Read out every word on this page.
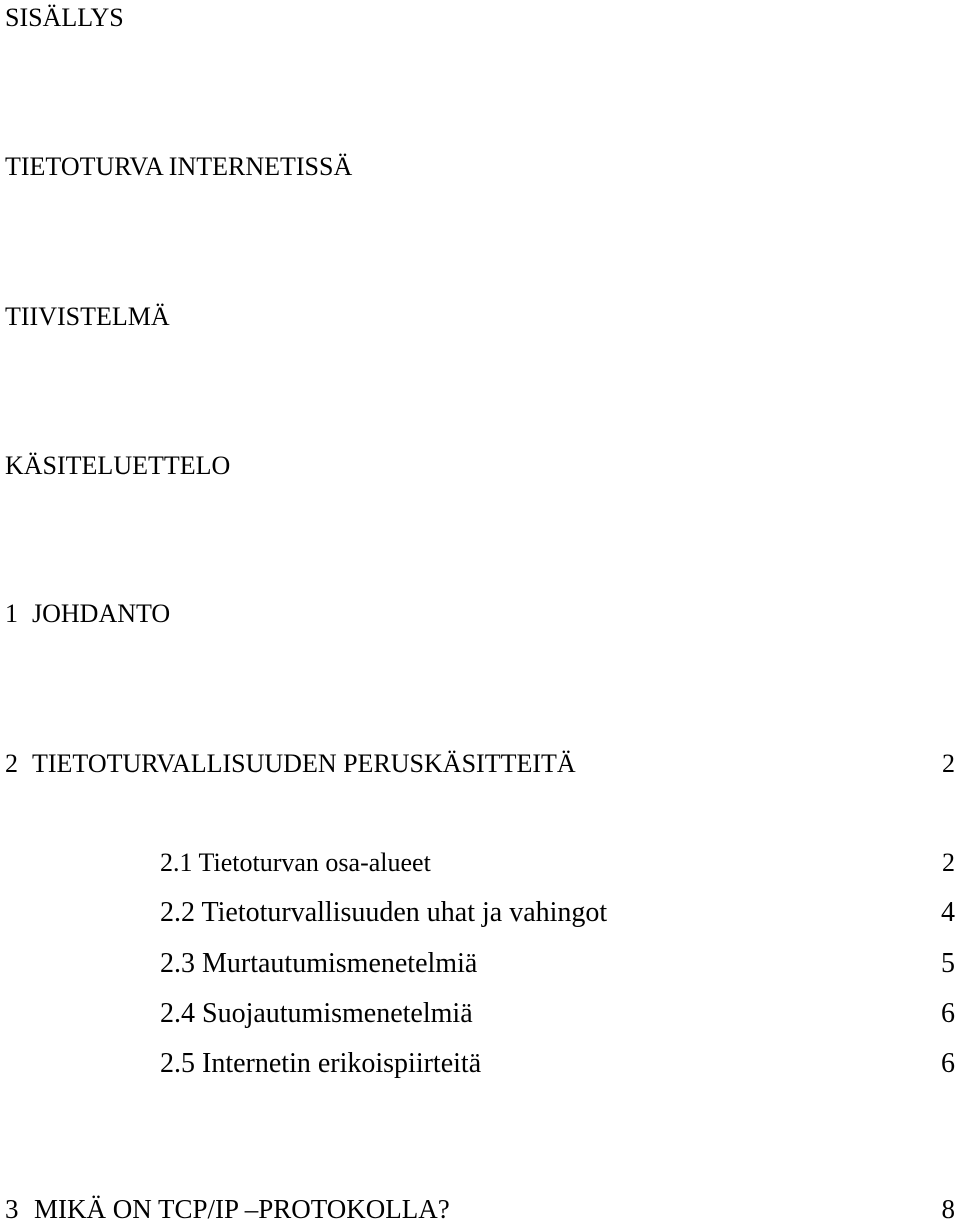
SISÄLLYS
TIETOTURVA INTERNETISSÄ
TIIVISTELMÄ
KÄSITELUETTELO
1 JOHDANTO
2 TIETOTURVALLISUUDEN PERUSKÄSITTEITÄ	2
2.1 Tietoturvan osa-alueet	2
2.2 Tietoturvallisuuden uhat ja vahingot	4
2.3 Murtautumismenetelmiä	5
2.4 Suojautumismenetelmiä	6
2.5 Internetin erikoispiirteitä	6
3 MIKÄ ON TCP/IP –PROTOKOLLA?	8
